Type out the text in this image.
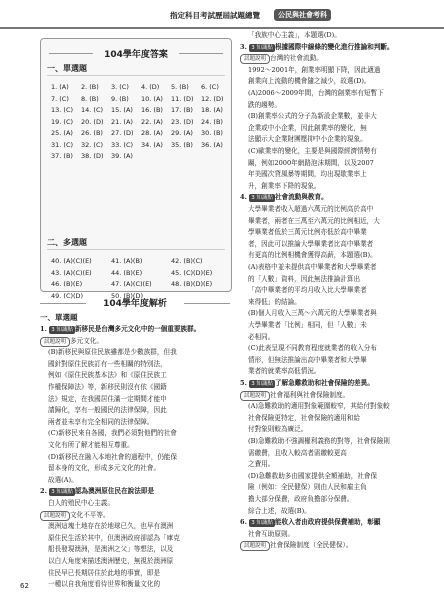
指定科目考試歷屆試題總覽	公民與社會考科
104學年度答案
一、單選題
1. (A) 2. (B) 3. (C) 4. (D) 5. (B) 6. (C)
7. (C) 8. (B) 9. (B) 10. (A) 11. (D) 12. (D)
13. (C) 14. (C) 15. (A) 16. (B) 17. (B) 18. (A)
19. (C) 20. (D) 21. (A) 22. (A) 23. (D) 24. (B)
25. (A) 26. (B) 27. (D) 28. (A) 29. (A) 30. (B)
31. (C) 32. (C) 33. (C) 34. (A) 35. (B) 36. (A)
37. (B) 38. (D) 39. (A)
二、多選題
40. (A)(C)(E)	41. (A)(B)	42. (B)(C)
43. (A)(C)(E)	44. (B)(E)	45. (C)(D)(E)
46. (B)(E)	47. (A)(C)(E)	48. (B)(D)(E)
49. (C)(D)	50. (B)(D)
104學年度解析
一、單選題
1. 3 知識點 新移民是台灣多元文化中的一個重要族群。
試題說明 多元文化。
(B)新移民與原住民族雖都是少數族群，但我
國針對原住民族訂有一些相關的特別法，
例如《原住民族基本法》和《原住民族工
作權保障法》等，新移民則沒有依《國籍
法》規定，在我國居住滿一定期間才能申
請歸化，享有一般國民的法律保障，因此
兩者並未享有完全相同的法律保障。
(C)新移民來自各國，我們必須對他們的社會
文化有所了解才能相互尊重。
(D)新移民在融入本地社會的過程中，仍能保
留本身的文化，形成多元文化的社會。
故選(A)。
2. 3 知識點 認為澳洲原住民在說法即是
白人的殖民中心主義。
試題說明 文化不平等。
澳洲這塊土地存在於地球已久，也早有澳洲
原住民生活於其中，但澳洲政府卻認為「庫克
船長發現澳洲，是澳洲之父」等想法，以及
以白人角度來描述澳洲歷史，無視於澳洲原
住民早已長期居住於此地的事實，即是
一種以自我角度看待世界和衡量文化的
「我族中心主義」，本題選(D)。
3. 3 知識點 根據國際中線條的變化進行推論和判斷。
試題說明 台灣的社會流動。
1992～2001年，創業率明顯下降，因此適過
創業向上流動的機會隨之減少，故選(D)。
(A)2006～2009年間，台灣的創業率有短暫下
跌的趨勢。
(B)創業率公式的分子為新設企業數，並非大
企業或中小企業，因此創業率的變化，無
法顯示大企業財團壓抑中小企業的現象。
(C)歐業率的變化，主要是與國際經濟情勢有
關，例如2000年網路泡沫期間，以及2007
年美國次貸風暴等期間，均出現歇業率上
升，創業率下降的現象。
4. 3 知識點 社會流動與教育。
大學畢業者收入超過六萬元的比例高於高中
畢業者，兩者在三萬至六萬元的比例相近，大
學畢業者低於三萬元比例亦低於高中畢業
者，因此可以推論大學畢業者比高中畢業者
有更高的比例相機會獲得高薪，本題選(B)。
(A)表格中並未提供高中畢業者和大學畢業者
的「人數」資料，因此無法推論計算出
「高中畢業者的平均月收入比大學畢業者
來得低」的結論。
(B)個人月收入三萬～六萬元的大學畢業者與
大學畢業者「比例」相同，但「人數」未
必相同。
(C)此表呈現不同教育程度就業者的收入分布
情形，但無法推論出高中畢業者和大學畢
業者的就業率高低情況。
5. 3 知識點 了解急難救助和社會保險的差異。
試題說明 社會福利與社會保險制度。
(A)急難救助的適用對象範圍較窄，其給付對象較
社會保險更特定，社會保險的適用和給
付對象則較為廣泛。
(B)急難救助不強調權利義務的對等，社會保險則
需繳費，且收入較高者需繳較更高
之費用。
(D)急難救助多由國家提供全額補助，社會保
險（例如：全民健保）則由人民和雇主負
擔大部分保費，政府負擔部分保費。
綜合上述，故選(B)。
6. 3 知識點 能收入者由政府提供保費補助，彰顯
社會互助原則。
試題說明 社會保險制度（全民健保）。
62
